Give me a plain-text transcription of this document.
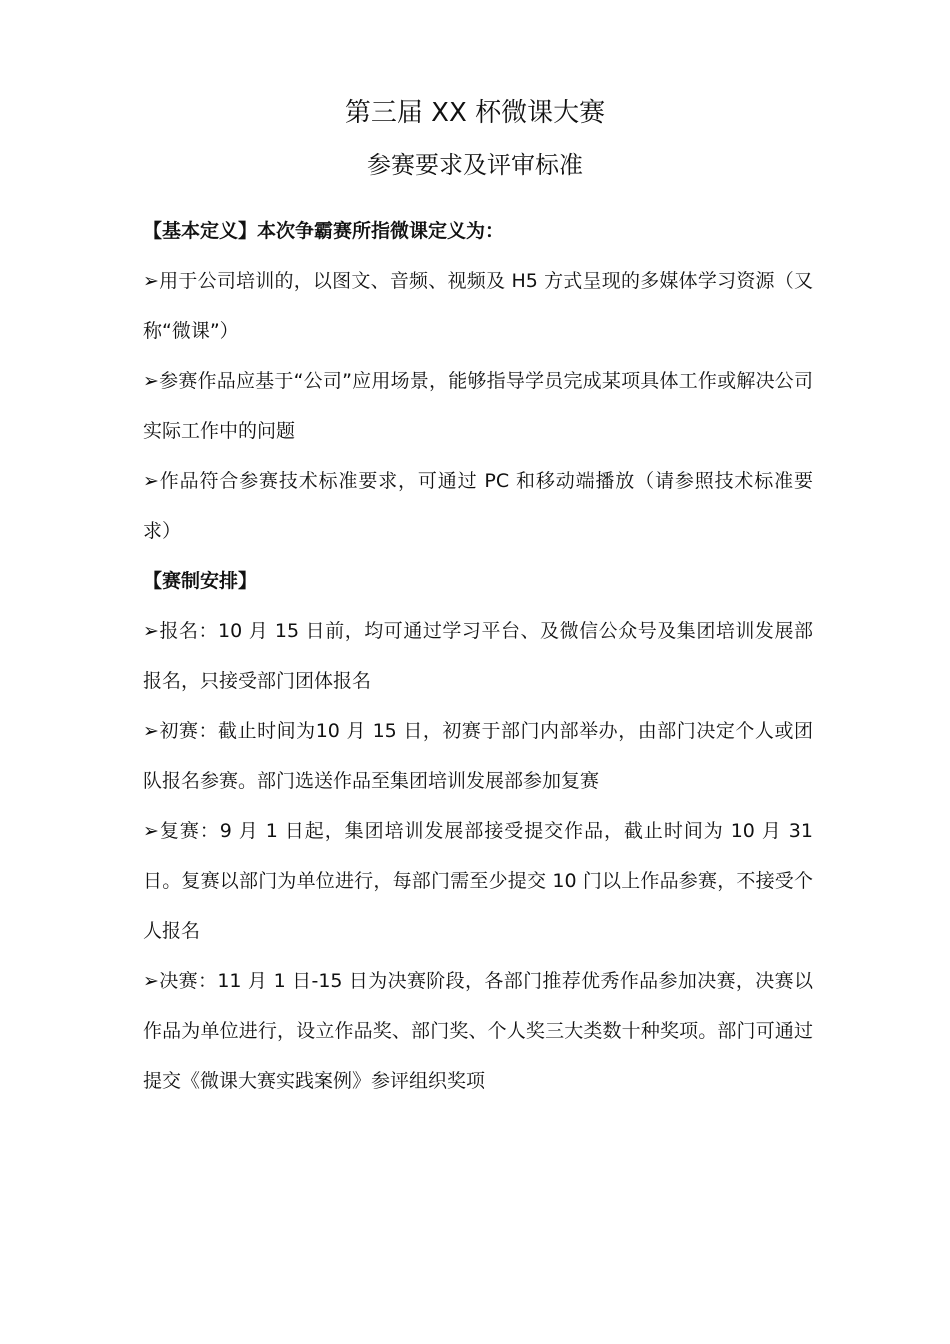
第三届 XX 杯微课大赛
参赛要求及评审标准

【基本定义】本次争霸赛所指微课定义为：

➢用于公司培训的，以图文、音频、视频及 H5 方式呈现的多媒体学习资源（又称“微课”）

➢参赛作品应基于“公司”应用场景，能够指导学员完成某项具体工作或解决公司实际工作中的问题

➢作品符合参赛技术标准要求，可通过 PC 和移动端播放（请参照技术标准要求）

【赛制安排】

➢报名：10 月 15 日前，均可通过学习平台、及微信公众号及集团培训发展部报名，只接受部门团体报名

➢初赛：截止时间为10 月 15 日，初赛于部门内部举办，由部门决定个人或团队报名参赛。部门选送作品至集团培训发展部参加复赛

➢复赛：9 月 1 日起，集团培训发展部接受提交作品，截止时间为 10 月 31 日。复赛以部门为单位进行，每部门需至少提交 10 门以上作品参赛，不接受个人报名

➢决赛：11 月 1 日-15 日为决赛阶段，各部门推荐优秀作品参加决赛，决赛以作品为单位进行，设立作品奖、部门奖、个人奖三大类数十种奖项。部门可通过提交《微课大赛实践案例》参评组织奖项
